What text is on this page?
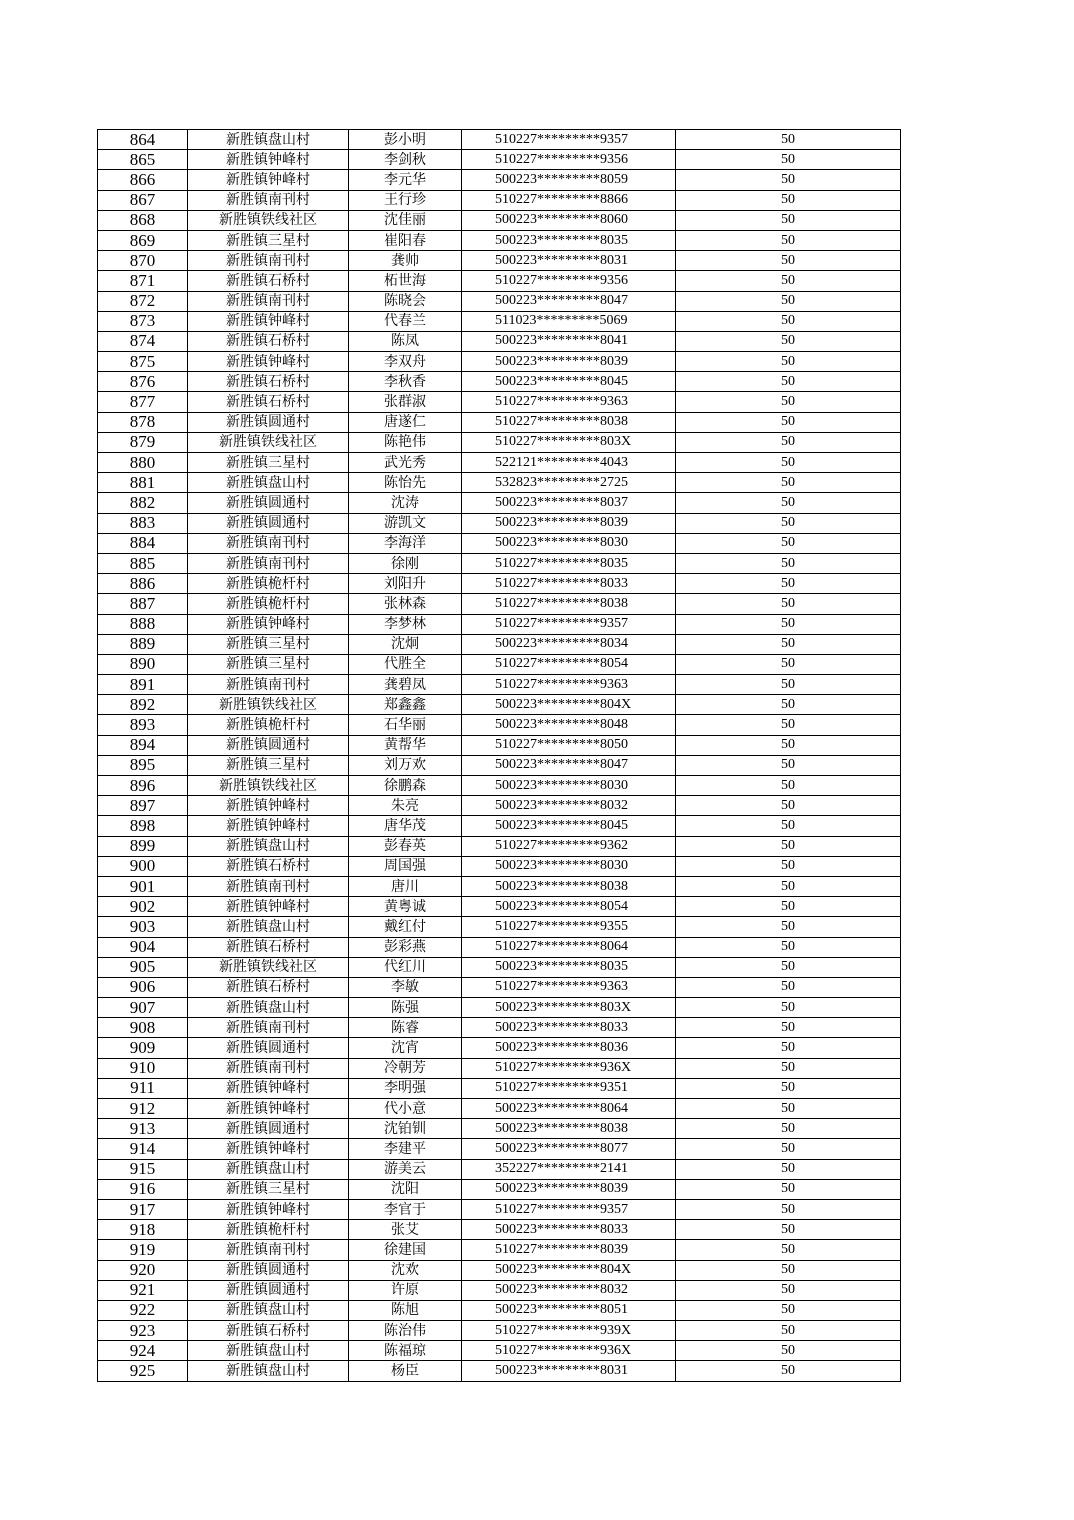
864	新胜镇盘山村	彭小明	510227*********9357	50
865	新胜镇钟峰村	李剑秋	510227*********9356	50
866	新胜镇钟峰村	李元华	500223*********8059	50
867	新胜镇南刊村	王行珍	510227*********8866	50
868	新胜镇铁线社区	沈佳丽	500223*********8060	50
869	新胜镇三星村	崔阳春	500223*********8035	50
870	新胜镇南刊村	龚帅	500223*********8031	50
871	新胜镇石桥村	柘世海	510227*********9356	50
872	新胜镇南刊村	陈晓会	500223*********8047	50
873	新胜镇钟峰村	代春兰	511023*********5069	50
874	新胜镇石桥村	陈凤	500223*********8041	50
875	新胜镇钟峰村	李双舟	500223*********8039	50
876	新胜镇石桥村	李秋香	500223*********8045	50
877	新胜镇石桥村	张群淑	510227*********9363	50
878	新胜镇圆通村	唐遂仁	510227*********8038	50
879	新胜镇铁线社区	陈艳伟	510227*********803X	50
880	新胜镇三星村	武光秀	522121*********4043	50
881	新胜镇盘山村	陈怡先	532823*********2725	50
882	新胜镇圆通村	沈涛	500223*********8037	50
883	新胜镇圆通村	游凯文	500223*********8039	50
884	新胜镇南刊村	李海洋	500223*********8030	50
885	新胜镇南刊村	徐刚	510227*********8035	50
886	新胜镇桅杆村	刘阳升	510227*********8033	50
887	新胜镇桅杆村	张林森	510227*********8038	50
888	新胜镇钟峰村	李梦林	510227*********9357	50
889	新胜镇三星村	沈炯	500223*********8034	50
890	新胜镇三星村	代胜全	510227*********8054	50
891	新胜镇南刊村	龚碧凤	510227*********9363	50
892	新胜镇铁线社区	郑鑫鑫	500223*********804X	50
893	新胜镇桅杆村	石华丽	500223*********8048	50
894	新胜镇圆通村	黄帮华	510227*********8050	50
895	新胜镇三星村	刘万欢	500223*********8047	50
896	新胜镇铁线社区	徐鹏森	500223*********8030	50
897	新胜镇钟峰村	朱亮	500223*********8032	50
898	新胜镇钟峰村	唐华茂	500223*********8045	50
899	新胜镇盘山村	彭春英	510227*********9362	50
900	新胜镇石桥村	周国强	500223*********8030	50
901	新胜镇南刊村	唐川	500223*********8038	50
902	新胜镇钟峰村	黄粤诚	500223*********8054	50
903	新胜镇盘山村	戴红付	510227*********9355	50
904	新胜镇石桥村	彭彩燕	510227*********8064	50
905	新胜镇铁线社区	代红川	500223*********8035	50
906	新胜镇石桥村	李敏	510227*********9363	50
907	新胜镇盘山村	陈强	500223*********803X	50
908	新胜镇南刊村	陈睿	500223*********8033	50
909	新胜镇圆通村	沈宵	500223*********8036	50
910	新胜镇南刊村	冷朝芳	510227*********936X	50
911	新胜镇钟峰村	李明强	510227*********9351	50
912	新胜镇钟峰村	代小意	500223*********8064	50
913	新胜镇圆通村	沈铂钏	500223*********8038	50
914	新胜镇钟峰村	李建平	500223*********8077	50
915	新胜镇盘山村	游美云	352227*********2141	50
916	新胜镇三星村	沈阳	500223*********8039	50
917	新胜镇钟峰村	李官于	510227*********9357	50
918	新胜镇桅杆村	张艾	500223*********8033	50
919	新胜镇南刊村	徐建国	510227*********8039	50
920	新胜镇圆通村	沈欢	500223*********804X	50
921	新胜镇圆通村	许原	500223*********8032	50
922	新胜镇盘山村	陈旭	500223*********8051	50
923	新胜镇石桥村	陈治伟	510227*********939X	50
924	新胜镇盘山村	陈福琼	510227*********936X	50
925	新胜镇盘山村	杨臣	500223*********8031	50
